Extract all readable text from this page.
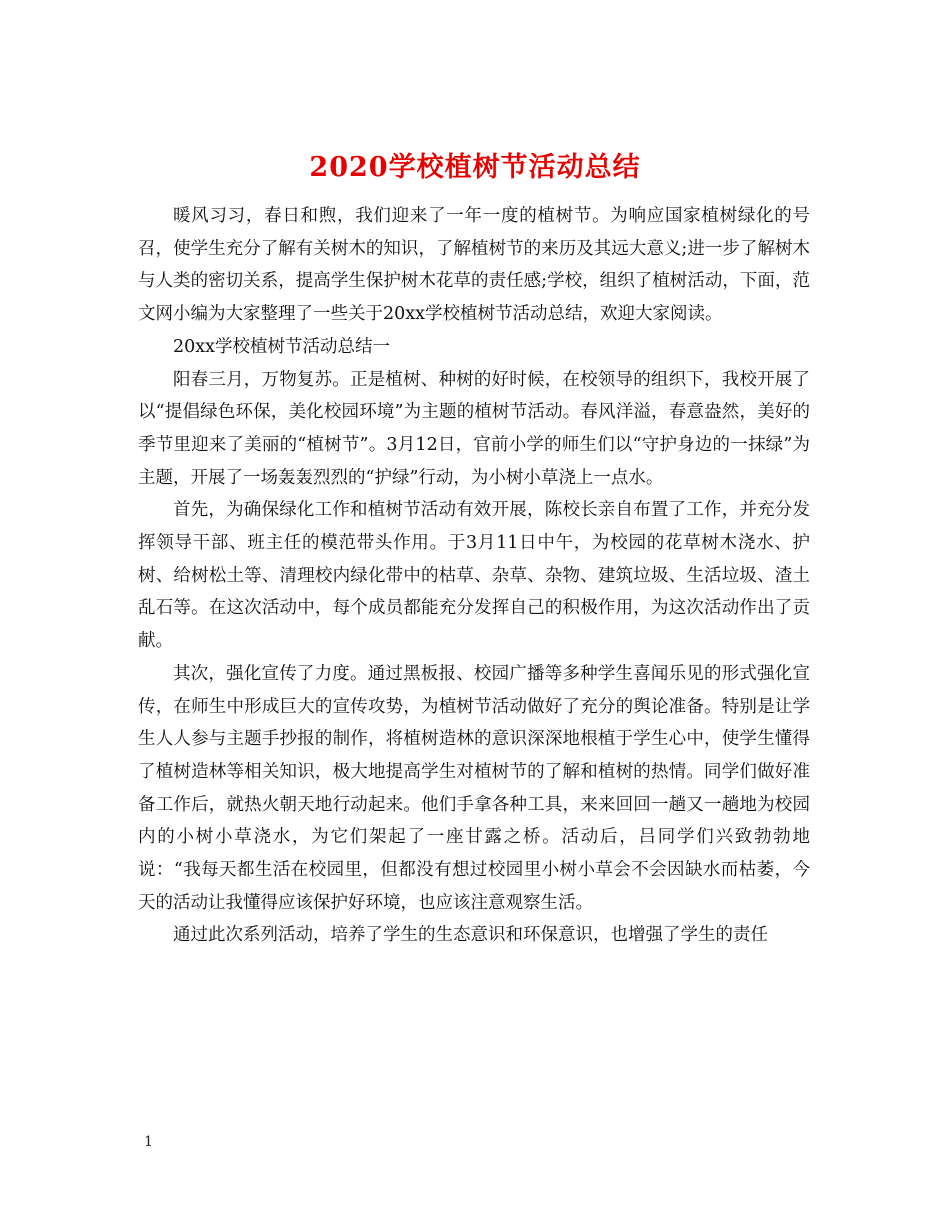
2020学校植树节活动总结

暖风习习，春日和煦，我们迎来了一年一度的植树节。为响应国家植树绿化的号召，使学生充分了解有关树木的知识，了解植树节的来历及其远大意义;进一步了解树木与人类的密切关系，提高学生保护树木花草的责任感;学校，组织了植树活动，下面，范文网小编为大家整理了一些关于20xx学校植树节活动总结，欢迎大家阅读。

20xx学校植树节活动总结一

阳春三月，万物复苏。正是植树、种树的好时候，在校领导的组织下，我校开展了以“提倡绿色环保，美化校园环境”为主题的植树节活动。春风洋溢，春意盎然，美好的季节里迎来了美丽的“植树节”。3月12日，官前小学的师生们以“守护身边的一抹绿”为主题，开展了一场轰轰烈烈的“护绿”行动，为小树小草浇上一点水。

首先，为确保绿化工作和植树节活动有效开展，陈校长亲自布置了工作，并充分发挥领导干部、班主任的模范带头作用。于3月11日中午，为校园的花草树木浇水、护树、给树松土等、清理校内绿化带中的枯草、杂草、杂物、建筑垃圾、生活垃圾、渣土乱石等。在这次活动中，每个成员都能充分发挥自己的积极作用，为这次活动作出了贡献。

其次，强化宣传了力度。通过黑板报、校园广播等多种学生喜闻乐见的形式强化宣传，在师生中形成巨大的宣传攻势，为植树节活动做好了充分的舆论准备。特别是让学生人人参与主题手抄报的制作，将植树造林的意识深深地根植于学生心中，使学生懂得了植树造林等相关知识，极大地提高学生对植树节的了解和植树的热情。同学们做好准备工作后，就热火朝天地行动起来。他们手拿各种工具，来来回回一趟又一趟地为校园内的小树小草浇水，为它们架起了一座甘露之桥。活动后，吕同学们兴致勃勃地说：“我每天都生活在校园里，但都没有想过校园里小树小草会不会因缺水而枯萎，今天的活动让我懂得应该保护好环境，也应该注意观察生活。

通过此次系列活动，培养了学生的生态意识和环保意识，也增强了学生的责任

1
